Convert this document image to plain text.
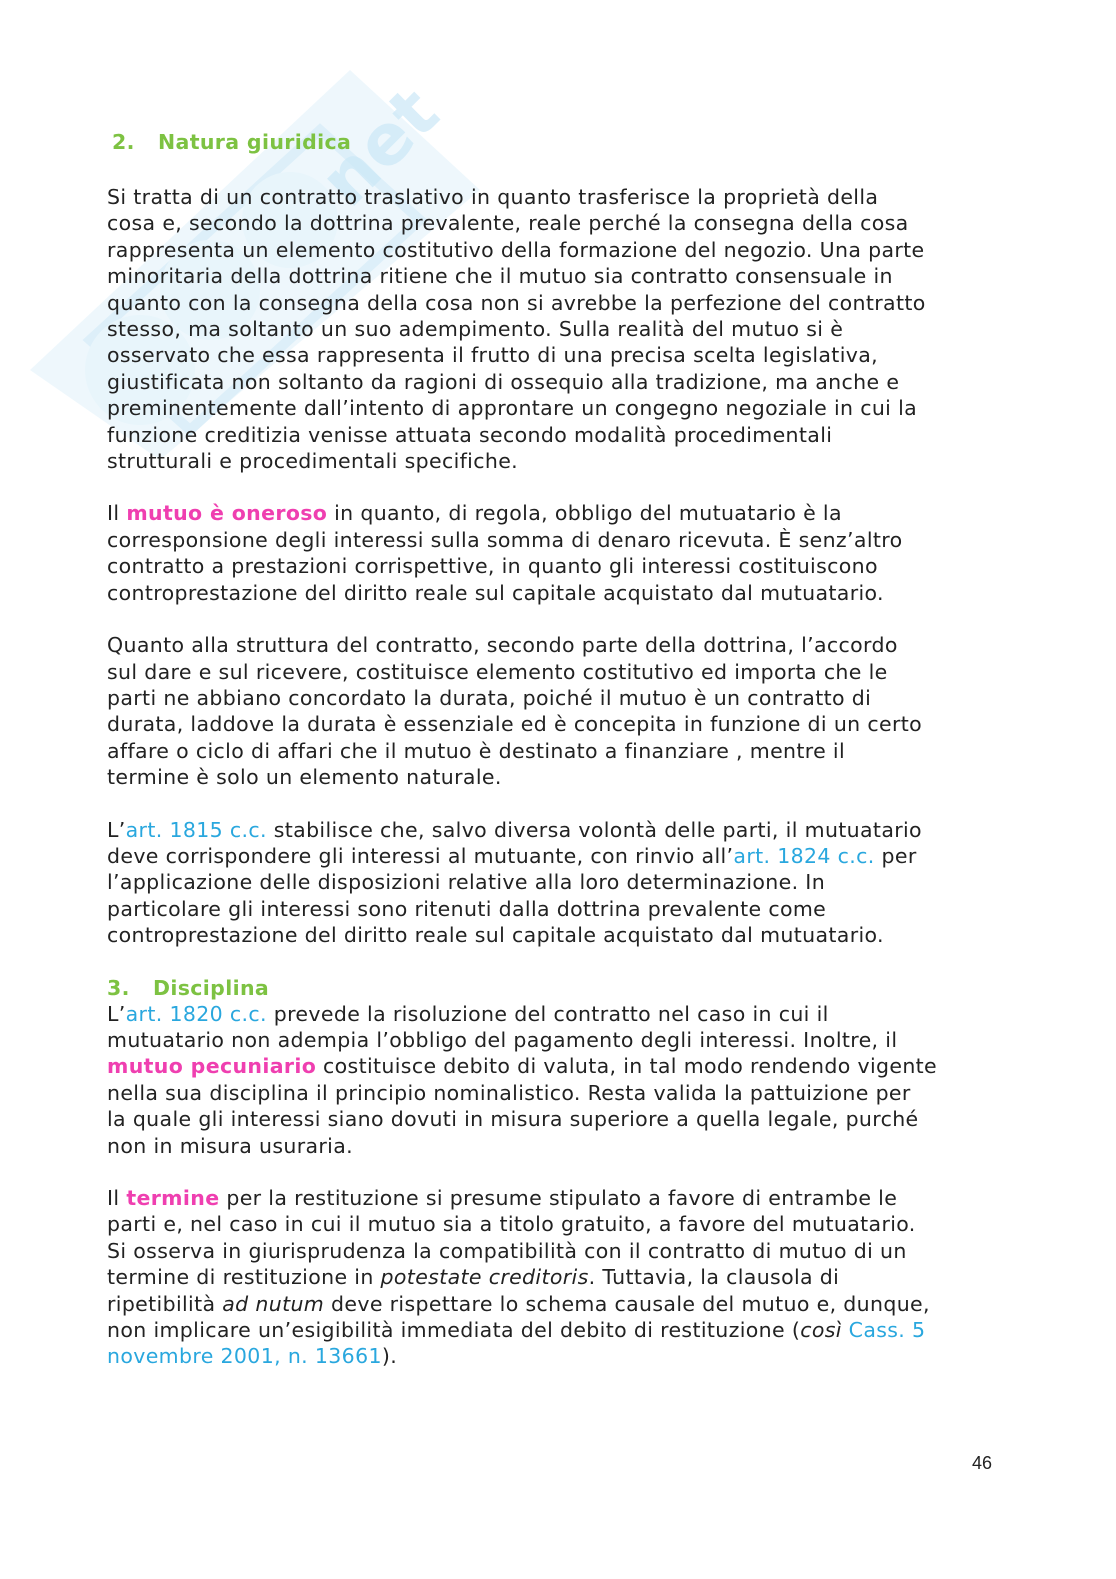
net
2. Natura giuridica

Si tratta di un contratto traslativo in quanto trasferisce la proprietà della
cosa e, secondo la dottrina prevalente, reale perché la consegna della cosa
rappresenta un elemento costitutivo della formazione del negozio. Una parte
minoritaria della dottrina ritiene che il mutuo sia contratto consensuale in
quanto con la consegna della cosa non si avrebbe la perfezione del contratto
stesso, ma soltanto un suo adempimento. Sulla realità del mutuo si è
osservato che essa rappresenta il frutto di una precisa scelta legislativa,
giustificata non soltanto da ragioni di ossequio alla tradizione, ma anche e
preminentemente dall’intento di approntare un congegno negoziale in cui la
funzione creditizia venisse attuata secondo modalità procedimentali
strutturali e procedimentali specifiche.

Il mutuo è oneroso in quanto, di regola, obbligo del mutuatario è la
corresponsione degli interessi sulla somma di denaro ricevuta. È senz’altro
contratto a prestazioni corrispettive, in quanto gli interessi costituiscono
controprestazione del diritto reale sul capitale acquistato dal mutuatario.

Quanto alla struttura del contratto, secondo parte della dottrina, l’accordo
sul dare e sul ricevere, costituisce elemento costitutivo ed importa che le
parti ne abbiano concordato la durata, poiché il mutuo è un contratto di
durata, laddove la durata è essenziale ed è concepita in funzione di un certo
affare o ciclo di affari che il mutuo è destinato a finanziare , mentre il
termine è solo un elemento naturale.

L’art. 1815 c.c. stabilisce che, salvo diversa volontà delle parti, il mutuatario
deve corrispondere gli interessi al mutuante, con rinvio all’art. 1824 c.c. per
l’applicazione delle disposizioni relative alla loro determinazione. In
particolare gli interessi sono ritenuti dalla dottrina prevalente come
controprestazione del diritto reale sul capitale acquistato dal mutuatario.

3. Disciplina

L’art. 1820 c.c. prevede la risoluzione del contratto nel caso in cui il
mutuatario non adempia l’obbligo del pagamento degli interessi. Inoltre, il
mutuo pecuniario costituisce debito di valuta, in tal modo rendendo vigente
nella sua disciplina il principio nominalistico. Resta valida la pattuizione per
la quale gli interessi siano dovuti in misura superiore a quella legale, purché
non in misura usuraria.

Il termine per la restituzione si presume stipulato a favore di entrambe le
parti e, nel caso in cui il mutuo sia a titolo gratuito, a favore del mutuatario.
Si osserva in giurisprudenza la compatibilità con il contratto di mutuo di un
termine di restituzione in potestate creditoris. Tuttavia, la clausola di
ripetibilità ad nutum deve rispettare lo schema causale del mutuo e, dunque,
non implicare un’esigibilità immediata del debito di restituzione (così Cass. 5
novembre 2001, n. 13661).

46
